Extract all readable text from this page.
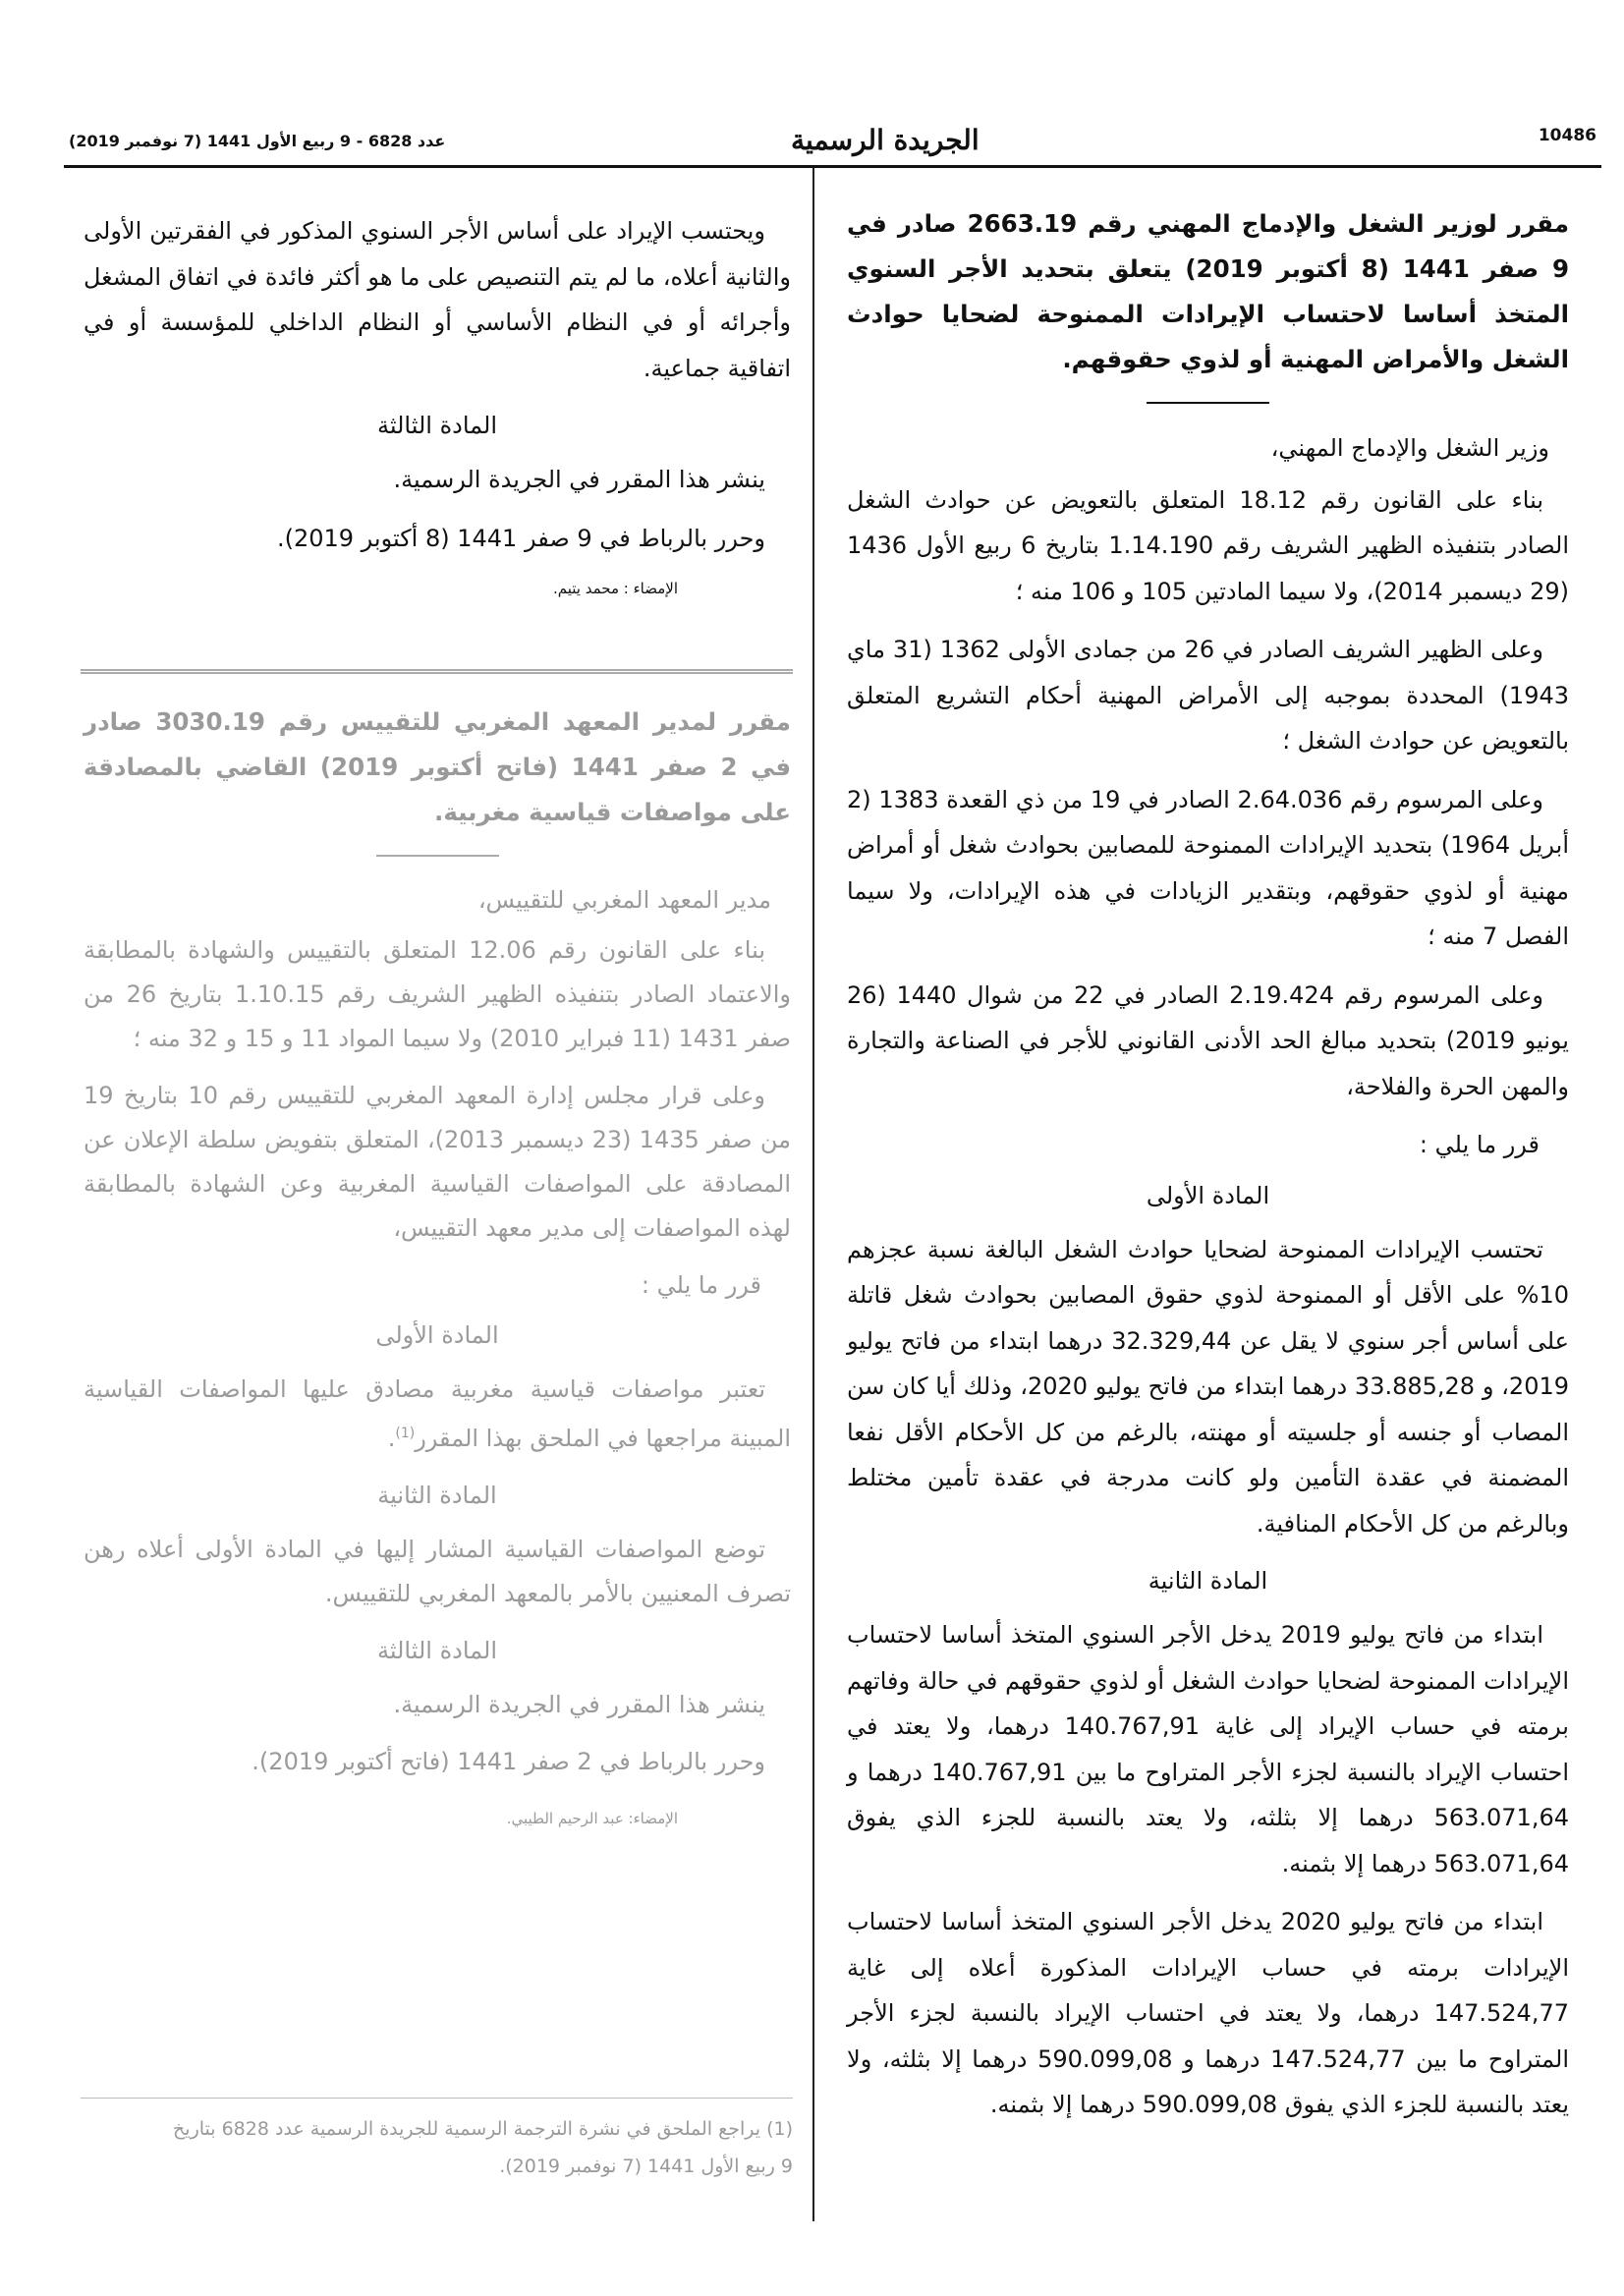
10486
الجريدة الرسمية
عدد 6828 - 9 ربيع الأول 1441 (7 نوفمبر 2019)
مقرر لوزير الشغل والإدماج المهني رقم 2663.19 صادر في 9 صفر 1441 (8 أكتوبر 2019) يتعلق بتحديد الأجر السنوي المتخذ أساسا لاحتساب الإيرادات الممنوحة لضحايا حوادث الشغل والأمراض المهنية أو لذوي حقوقهم.

وزير الشغل والإدماج المهني،

بناء على القانون رقم 18.12 المتعلق بالتعويض عن حوادث الشغل الصادر بتنفيذه الظهير الشريف رقم 1.14.190 بتاريخ 6 ربيع الأول 1436 (29 ديسمبر 2014)، ولا سيما المادتين 105 و 106 منه ؛

وعلى الظهير الشريف الصادر في 26 من جمادى الأولى 1362 (31 ماي 1943) المحددة بموجبه إلى الأمراض المهنية أحكام التشريع المتعلق بالتعويض عن حوادث الشغل ؛

وعلى المرسوم رقم 2.64.036 الصادر في 19 من ذي القعدة 1383 (2 أبريل 1964) بتحديد الإيرادات الممنوحة للمصابين بحوادث شغل أو أمراض مهنية أو لذوي حقوقهم، وبتقدير الزيادات في هذه الإيرادات، ولا سيما الفصل 7 منه ؛

وعلى المرسوم رقم 2.19.424 الصادر في 22 من شوال 1440 (26 يونيو 2019) بتحديد مبالغ الحد الأدنى القانوني للأجر في الصناعة والتجارة والمهن الحرة والفلاحة،

قرر ما يلي :

المادة الأولى

تحتسب الإيرادات الممنوحة لضحايا حوادث الشغل البالغة نسبة عجزهم 10% على الأقل أو الممنوحة لذوي حقوق المصابين بحوادث شغل قاتلة على أساس أجر سنوي لا يقل عن 32.329,44 درهما ابتداء من فاتح يوليو 2019، و 33.885,28 درهما ابتداء من فاتح يوليو 2020، وذلك أيا كان سن المصاب أو جنسه أو جلسيته أو مهنته، بالرغم من كل الأحكام الأقل نفعا المضمنة في عقدة التأمين ولو كانت مدرجة في عقدة تأمين مختلط وبالرغم من كل الأحكام المنافية.

المادة الثانية

ابتداء من فاتح يوليو 2019 يدخل الأجر السنوي المتخذ أساسا لاحتساب الإيرادات الممنوحة لضحايا حوادث الشغل أو لذوي حقوقهم في حالة وفاتهم برمته في حساب الإيراد إلى غاية 140.767,91 درهما، ولا يعتد في احتساب الإيراد بالنسبة لجزء الأجر المتراوح ما بين 140.767,91 درهما و 563.071,64 درهما إلا بثلثه، ولا يعتد بالنسبة للجزء الذي يفوق 563.071,64 درهما إلا بثمنه.

ابتداء من فاتح يوليو 2020 يدخل الأجر السنوي المتخذ أساسا لاحتساب الإيرادات برمته في حساب الإيرادات المذكورة أعلاه إلى غاية 147.524,77 درهما، ولا يعتد في احتساب الإيراد بالنسبة لجزء الأجر المتراوح ما بين 147.524,77 درهما و 590.099,08 درهما إلا بثلثه، ولا يعتد بالنسبة للجزء الذي يفوق 590.099,08 درهما إلا بثمنه.

ويحتسب الإيراد على أساس الأجر السنوي المذكور في الفقرتين الأولى والثانية أعلاه، ما لم يتم التنصيص على ما هو أكثر فائدة في اتفاق المشغل وأجرائه أو في النظام الأساسي أو النظام الداخلي للمؤسسة أو في اتفاقية جماعية.

المادة الثالثة

ينشر هذا المقرر في الجريدة الرسمية.

وحرر بالرباط في 9 صفر 1441 (8 أكتوبر 2019).

الإمضاء : محمد يتيم.

مقرر لمدير المعهد المغربي للتقييس رقم 3030.19 صادر في 2 صفر 1441 (فاتح أكتوبر 2019) القاضي بالمصادقة على مواصفات قياسية مغربية.

مدير المعهد المغربي للتقييس،

بناء على القانون رقم 12.06 المتعلق بالتقييس والشهادة بالمطابقة والاعتماد الصادر بتنفيذه الظهير الشريف رقم 1.10.15 بتاريخ 26 من صفر 1431 (11 فبراير 2010) ولا سيما المواد 11 و 15 و 32 منه ؛

وعلى قرار مجلس إدارة المعهد المغربي للتقييس رقم 10 بتاريخ 19 من صفر 1435 (23 ديسمبر 2013)، المتعلق بتفويض سلطة الإعلان عن المصادقة على المواصفات القياسية المغربية وعن الشهادة بالمطابقة لهذه المواصفات إلى مدير معهد التقييس،

قرر ما يلي :

المادة الأولى

تعتبر مواصفات قياسية مغربية مصادق عليها المواصفات القياسية المبينة مراجعها في الملحق بهذا المقرر$^{(1)}$.

المادة الثانية

توضع المواصفات القياسية المشار إليها في المادة الأولى أعلاه رهن تصرف المعنيين بالأمر بالمعهد المغربي للتقييس.

المادة الثالثة

ينشر هذا المقرر في الجريدة الرسمية.

وحرر بالرباط في 2 صفر 1441 (فاتح أكتوبر 2019).

الإمضاء: عبد الرحيم الطيبي.

(1) يراجع الملحق في نشرة الترجمة الرسمية للجريدة الرسمية عدد 6828 بتاريخ
9 ربيع الأول 1441 (7 نوفمبر 2019).
